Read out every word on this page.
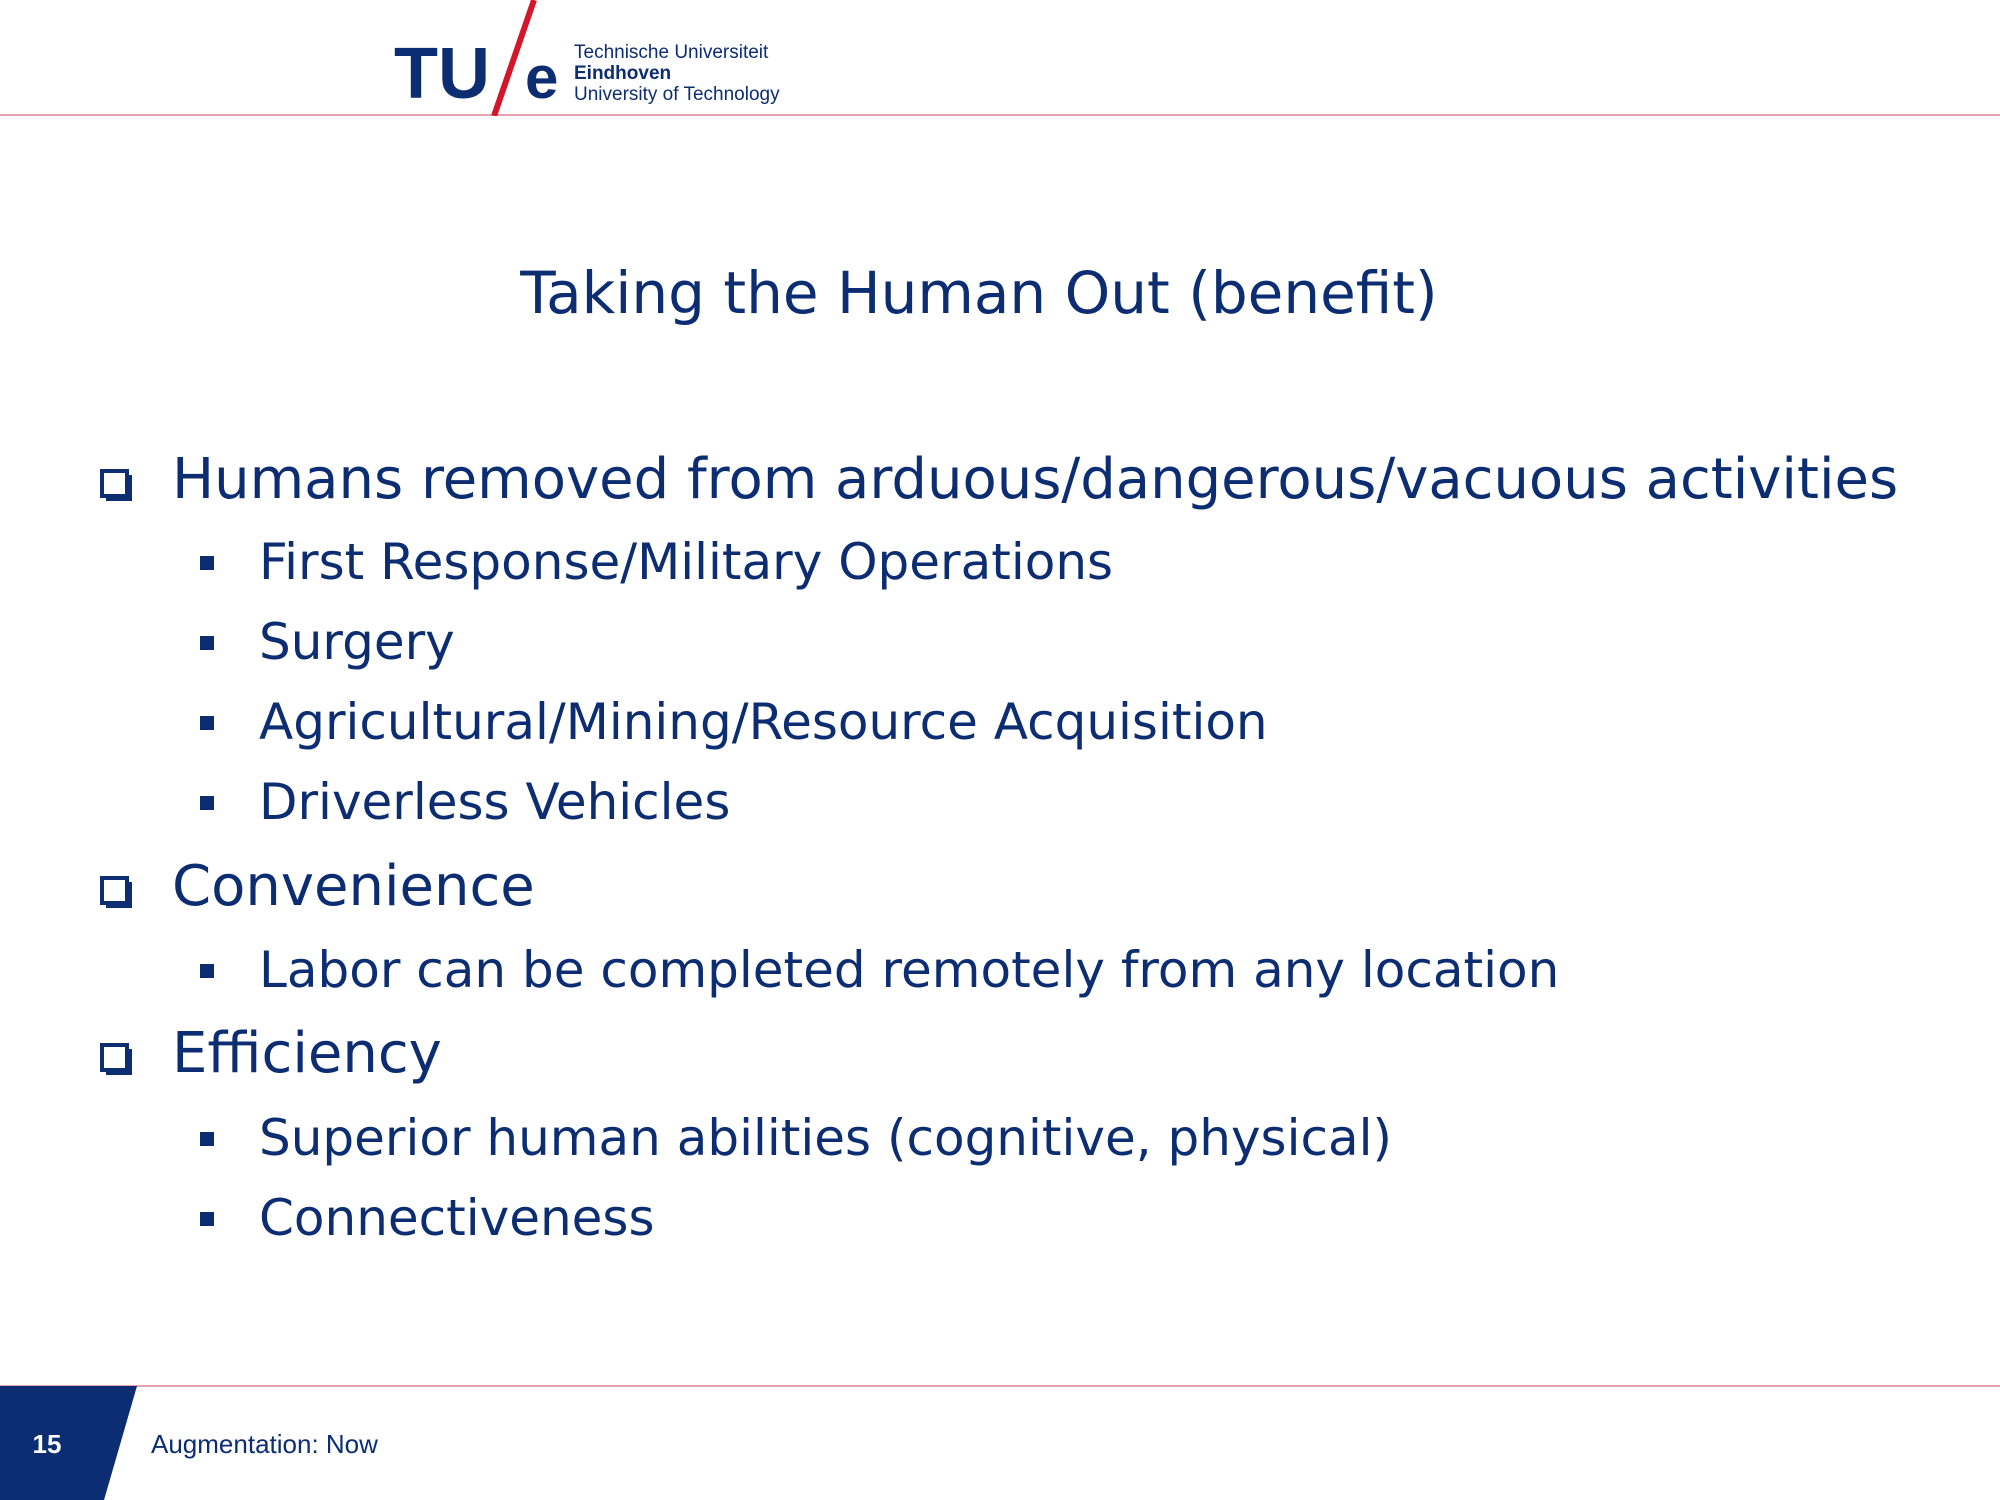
TU e Technische Universiteit
Eindhoven
University of Technology
Taking the Human Out (benefit)
Humans removed from arduous/dangerous/vacuous activities
First Response/Military Operations
Surgery
Agricultural/Mining/Resource Acquisition
Driverless Vehicles
Convenience
Labor can be completed remotely from any location
Efficiency
Superior human abilities (cognitive, physical)
Connectiveness
15	Augmentation: Now
